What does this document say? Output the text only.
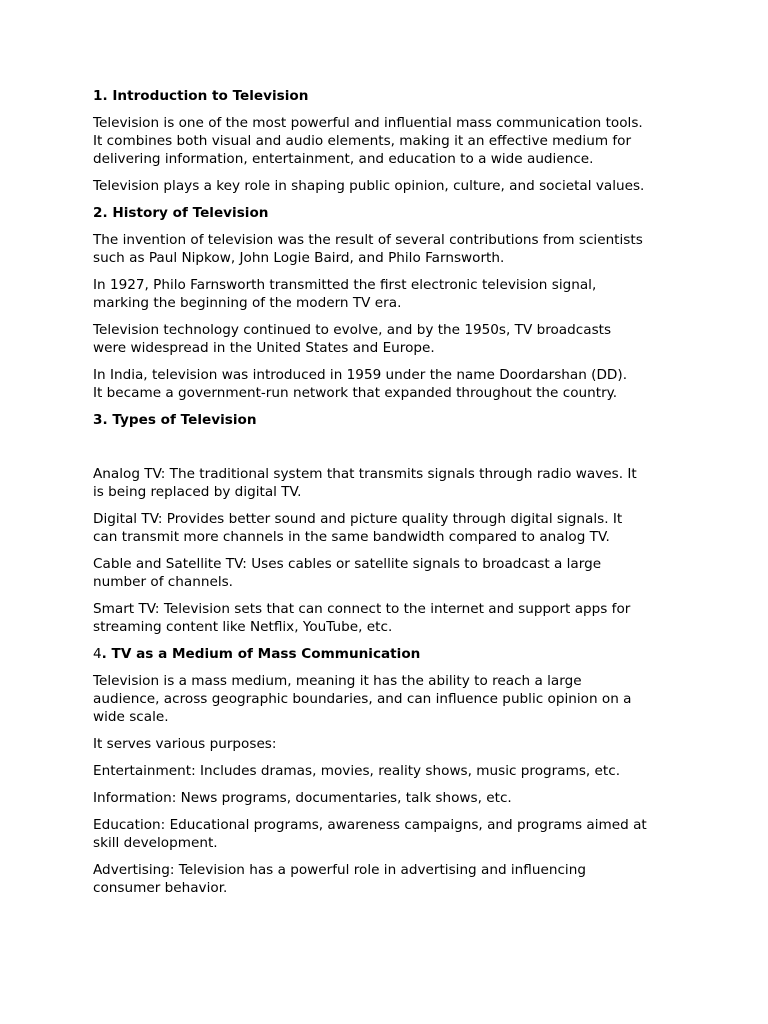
1. Introduction to Television

Television is one of the most powerful and influential mass communication tools.
It combines both visual and audio elements, making it an effective medium for
delivering information, entertainment, and education to a wide audience.

Television plays a key role in shaping public opinion, culture, and societal values.

2. History of Television

The invention of television was the result of several contributions from scientists
such as Paul Nipkow, John Logie Baird, and Philo Farnsworth.

In 1927, Philo Farnsworth transmitted the first electronic television signal,
marking the beginning of the modern TV era.

Television technology continued to evolve, and by the 1950s, TV broadcasts
were widespread in the United States and Europe.

In India, television was introduced in 1959 under the name Doordarshan (DD).
It became a government-run network that expanded throughout the country.

3. Types of Television

Analog TV: The traditional system that transmits signals through radio waves. It
is being replaced by digital TV.

Digital TV: Provides better sound and picture quality through digital signals. It
can transmit more channels in the same bandwidth compared to analog TV.

Cable and Satellite TV: Uses cables or satellite signals to broadcast a large
number of channels.

Smart TV: Television sets that can connect to the internet and support apps for
streaming content like Netflix, YouTube, etc.

4. TV as a Medium of Mass Communication

Television is a mass medium, meaning it has the ability to reach a large
audience, across geographic boundaries, and can influence public opinion on a
wide scale.

It serves various purposes:

Entertainment: Includes dramas, movies, reality shows, music programs, etc.

Information: News programs, documentaries, talk shows, etc.

Education: Educational programs, awareness campaigns, and programs aimed at
skill development.

Advertising: Television has a powerful role in advertising and influencing
consumer behavior.
